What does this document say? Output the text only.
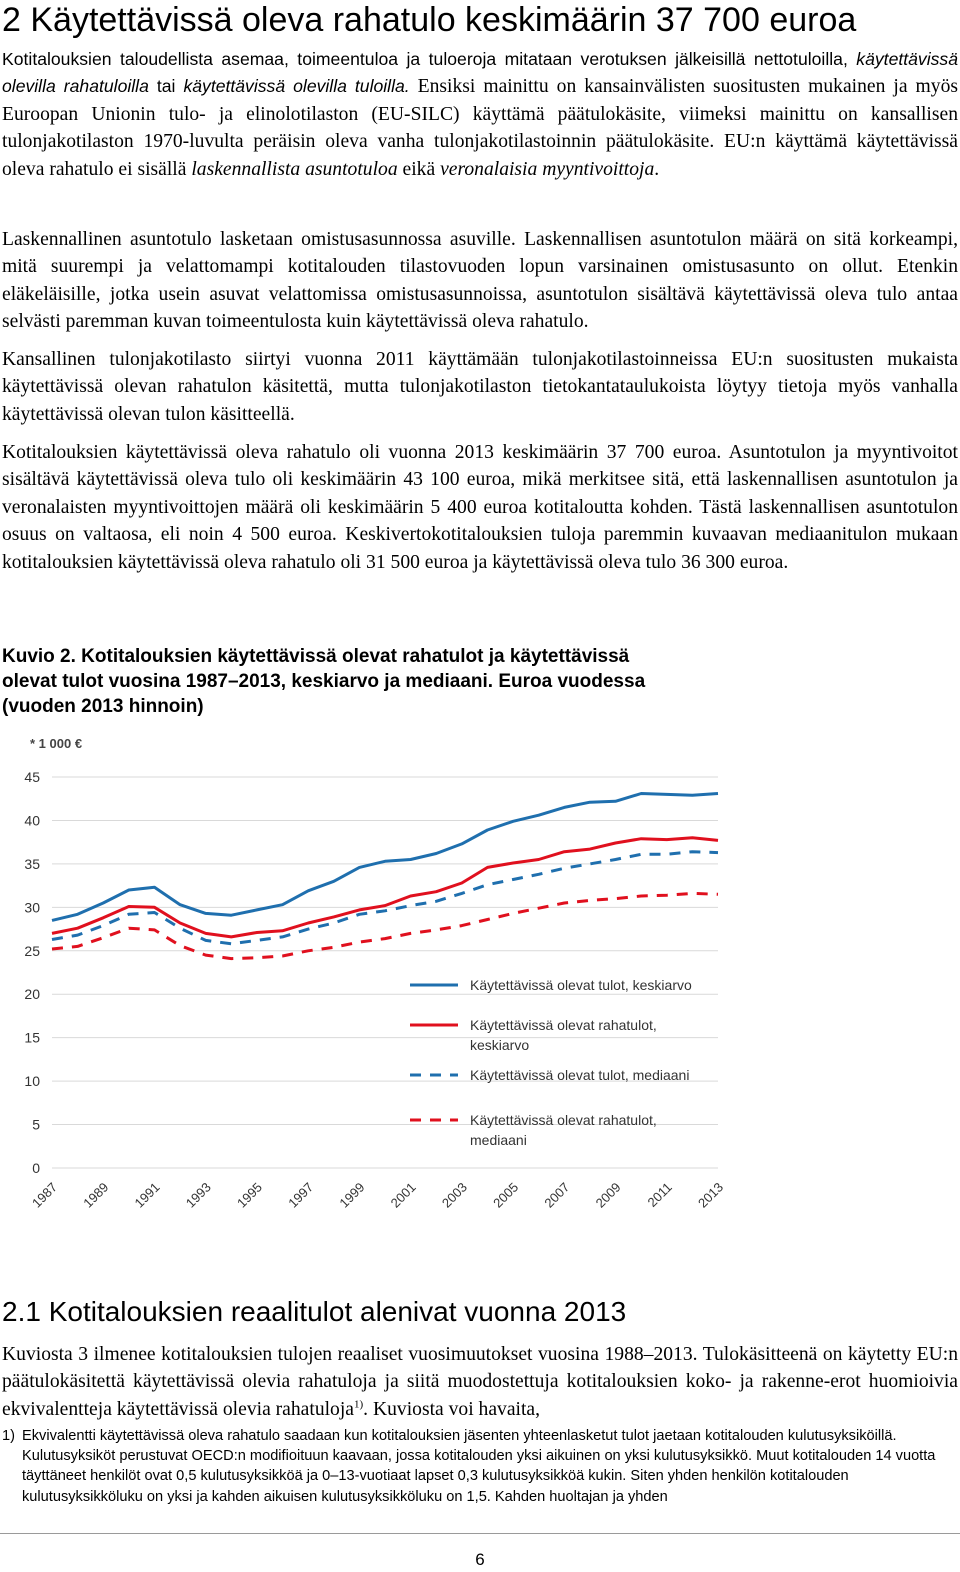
2 Käytettävissä oleva rahatulo keskimäärin 37 700 euroa

Kotitalouksien taloudellista asemaa, toimeentuloa ja tuloeroja mitataan verotuksen jälkeisillä nettotuloilla, käytettävissä olevilla rahatuloilla tai käytettävissä olevilla tuloilla. Ensiksi mainittu on kansainvälisten suositusten mukainen ja myös Euroopan Unionin tulo- ja elinolotilaston (EU-SILC) käyttämä päätulokäsite, viimeksi mainittu on kansallisen tulonjakotilaston 1970-luvulta peräisin oleva vanha tulonjakotilastoinnin päätulokäsite. EU:n käyttämä käytettävissä oleva rahatulo ei sisällä laskennallista asuntotuloa eikä veronalaisia myyntivoittoja.

Laskennallinen asuntotulo lasketaan omistusasunnossa asuville. Laskennallisen asuntotulon määrä on sitä korkeampi, mitä suurempi ja velattomampi kotitalouden tilastovuoden lopun varsinainen omistusasunto on ollut. Etenkin eläkeläisille, jotka usein asuvat velattomissa omistusasunnoissa, asuntotulon sisältävä käytettävissä oleva tulo antaa selvästi paremman kuvan toimeentulosta kuin käytettävissä oleva rahatulo.

Kansallinen tulonjakotilasto siirtyi vuonna 2011 käyttämään tulonjakotilastoinneissa EU:n suositusten mukaista käytettävissä olevan rahatulon käsitettä, mutta tulonjakotilaston tietokantataulukoista löytyy tietoja myös vanhalla käytettävissä olevan tulon käsitteellä.

Kotitalouksien käytettävissä oleva rahatulo oli vuonna 2013 keskimäärin 37 700 euroa. Asuntotulon ja myyntivoitot sisältävä käytettävissä oleva tulo oli keskimäärin 43 100 euroa, mikä merkitsee sitä, että laskennallisen asuntotulon ja veronalaisten myyntivoittojen määrä oli keskimäärin 5 400 euroa kotitaloutta kohden. Tästä laskennallisen asuntotulon osuus on valtaosa, eli noin 4 500 euroa. Keskivertokotitalouksien tuloja paremmin kuvaavan mediaanitulon mukaan kotitalouksien käytettävissä oleva rahatulo oli 31 500 euroa ja käytettävissä oleva tulo 36 300 euroa.

Kuvio 2. Kotitalouksien käytettävissä olevat rahatulot ja käytettävissä olevat tulot vuosina 1987–2013, keskiarvo ja mediaani. Euroa vuodessa (vuoden 2013 hinnoin)

0
5
10
15
20
25
30
35
40
45
1987 1989 1991 1993 1995 1997 1999 2001 2003 2005 2007 2009 2011 2013
Käytettävissä olevat tulot, keskiarvo
Käytettävissä olevat rahatulot,
keskiarvo
Käytettävissä olevat tulot, mediaani
Käytettävissä olevat rahatulot,
mediaani
* 1 000 €
2.1 Kotitalouksien reaalitulot alenivat vuonna 2013

Kuviosta 3 ilmenee kotitalouksien tulojen reaaliset vuosimuutokset vuosina 1988–2013. Tulokäsitteenä on käytetty EU:n päätulokäsitettä käytettävissä olevia rahatuloja ja siitä muodostettuja kotitalouksien koko- ja rakenne-erot huomioivia ekvivalentteja käytettävissä olevia rahatuloja$^{1)}$. Kuviosta voi havaita,

1) Ekvivalentti käytettävissä oleva rahatulo saadaan kun kotitalouksien jäsenten yhteenlasketut tulot jaetaan kotitalouden kulutusyksiköillä. Kulutusyksiköt perustuvat OECD:n modifioituun kaavaan, jossa kotitalouden yksi aikuinen on yksi kulutusyksikkö. Muut kotitalouden 14 vuotta täyttäneet henkilöt ovat 0,5 kulutusyksikköä ja 0–13-vuotiaat lapset 0,3 kulutusyksikköä kukin. Siten yhden henkilön kotitalouden kulutusyksikköluku on yksi ja kahden aikuisen kulutusyksikköluku on 1,5. Kahden huoltajan ja yhden
6
